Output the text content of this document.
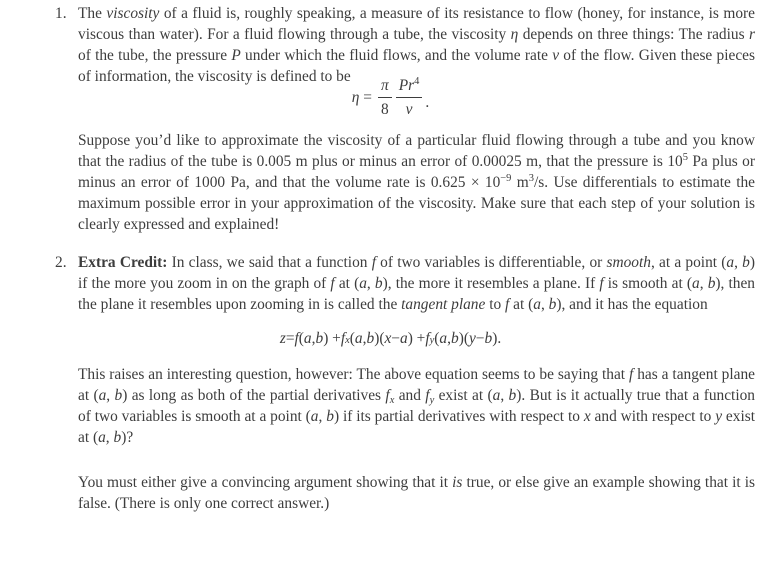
1. The viscosity of a fluid is, roughly speaking, a measure of its resistance to flow (honey, for instance, is more viscous than water). For a fluid flowing through a tube, the viscosity η depends on three things: The radius r of the tube, the pressure P under which the fluid flows, and the volume rate v of the flow. Given these pieces of information, the viscosity is defined to be

$\eta = \frac{\pi}{8} \frac{Pr^4}{v}$ .

Suppose you’d like to approximate the viscosity of a particular fluid flowing through a tube and you know that the radius of the tube is 0.005 m plus or minus an error of 0.00025 m, that the pressure is $10^5$ Pa plus or minus an error of 1000 Pa, and that the volume rate is $0.625 \times 10^{-9}$ $m^3/s$. Use differentials to estimate the maximum possible error in your approximation of the viscosity. Make sure that each step of your solution is clearly expressed and explained!

2. Extra Credit: In class, we said that a function f of two variables is differentiable, or smooth, at a point (a, b) if the more you zoom in on the graph of f at (a, b), the more it resembles a plane. If f is smooth at (a, b), then the plane it resembles upon zooming in is called the tangent plane to f at (a, b), and it has the equation

z = f ( a , b ) + f x ( a , b )( x − a ) + f y ( a , b )( y − b ).

This raises an interesting question, however: The above equation seems to be saying that f has a tangent plane at (a, b) as long as both of the partial derivatives fx and fy exist at (a, b). But is it actually true that a function of two variables is smooth at a point (a, b) if its partial derivatives with respect to x and with respect to y exist at (a, b)?

You must either give a convincing argument showing that it is true, or else give an example showing that it is false. (There is only one correct answer.)
